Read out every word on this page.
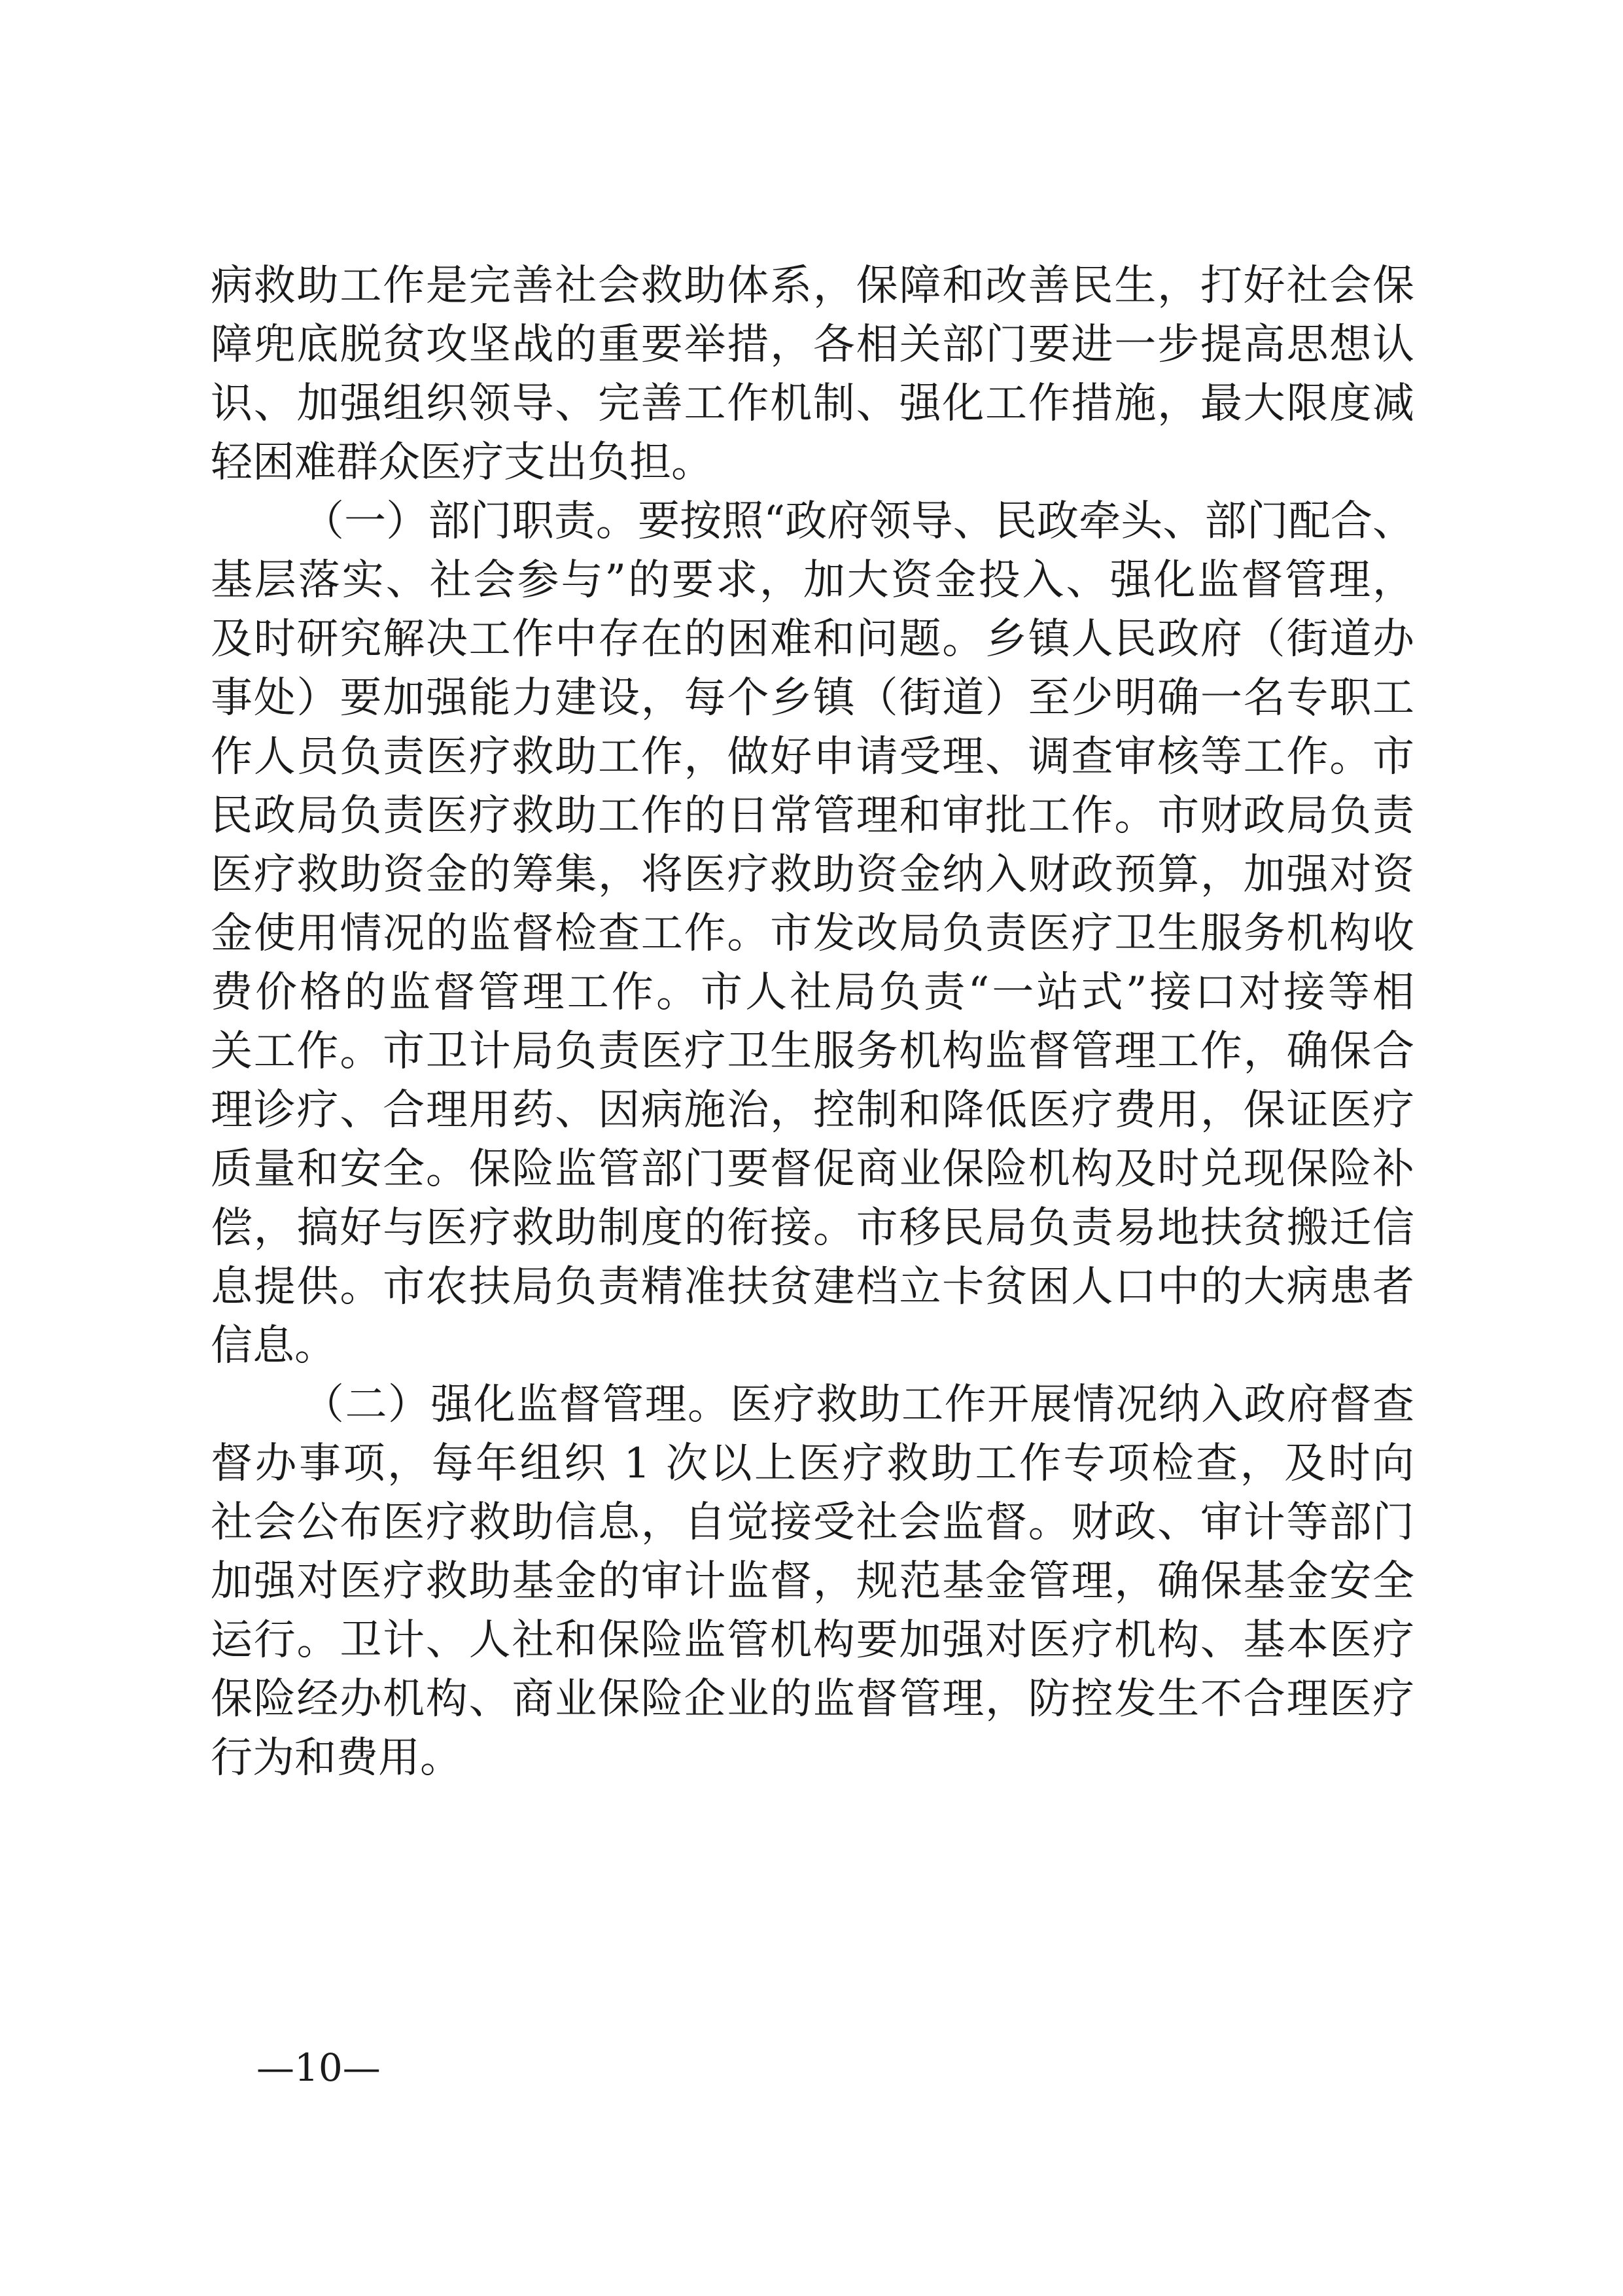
病救助工作是完善社会救助体系，保障和改善民生，打好社会保
障兜底脱贫攻坚战的重要举措，各相关部门要进一步提高思想认
识、加强组织领导、完善工作机制、强化工作措施，最大限度减
轻困难群众医疗支出负担。
（一）部门职责。要按照“政府领导、民政牵头、部门配合、
基层落实、社会参与”的要求，加大资金投入、强化监督管理，
及时研究解决工作中存在的困难和问题。乡镇人民政府（街道办
事处）要加强能力建设，每个乡镇（街道）至少明确一名专职工
作人员负责医疗救助工作，做好申请受理、调查审核等工作。市
民政局负责医疗救助工作的日常管理和审批工作。市财政局负责
医疗救助资金的筹集，将医疗救助资金纳入财政预算，加强对资
金使用情况的监督检查工作。市发改局负责医疗卫生服务机构收
费价格的监督管理工作。市人社局负责“一站式”接口对接等相
关工作。市卫计局负责医疗卫生服务机构监督管理工作，确保合
理诊疗、合理用药、因病施治，控制和降低医疗费用，保证医疗
质量和安全。保险监管部门要督促商业保险机构及时兑现保险补
偿，搞好与医疗救助制度的衔接。市移民局负责易地扶贫搬迁信
息提供。市农扶局负责精准扶贫建档立卡贫困人口中的大病患者
信息。
（二）强化监督管理。医疗救助工作开展情况纳入政府督查
督办事项，每年组织 1 次以上医疗救助工作专项检查，及时向
社会公布医疗救助信息，自觉接受社会监督。财政、审计等部门
加强对医疗救助基金的审计监督，规范基金管理，确保基金安全
运行。卫计、人社和保险监管机构要加强对医疗机构、基本医疗
保险经办机构、商业保险企业的监督管理，防控发生不合理医疗
行为和费用。
—10—
